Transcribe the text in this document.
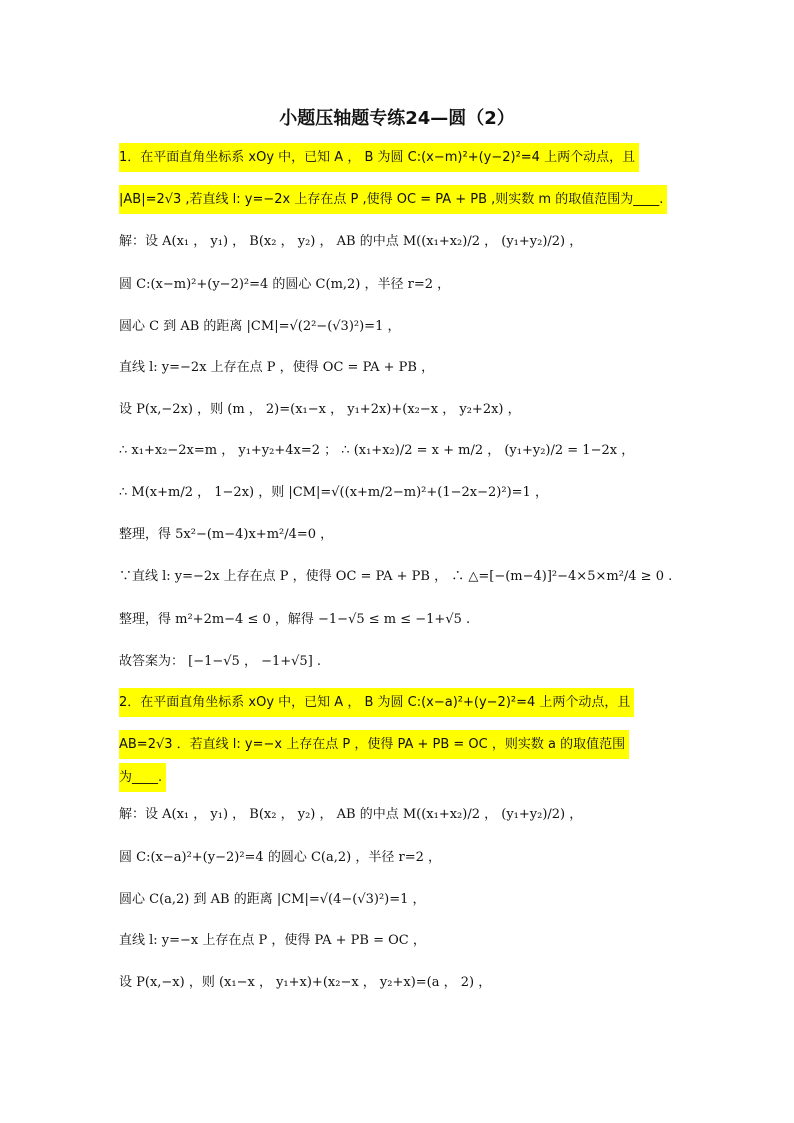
小题压轴题专练24—圆（2）
1．在平面直角坐标系 xOy 中，已知 A ， B 为圆 C:(x−m)²+(y−2)²=4 上两个动点，且
|AB|=2√3 ,若直线 l: y=−2x 上存在点 P ,使得 OC = PA + PB ,则实数 m 的取值范围为____.
解：设 A(x₁ ， y₁) ， B(x₂ ， y₂) ， AB 的中点 M((x₁+x₂)/2 ， (y₁+y₂)/2) ，
圆 C:(x−m)²+(y−2)²=4 的圆心 C(m,2) ，半径 r=2 ，
圆心 C 到 AB 的距离 |CM|=√(2²−(√3)²)=1 ，
直线 l: y=−2x 上存在点 P ，使得 OC = PA + PB ，
设 P(x,−2x) ，则 (m ， 2)=(x₁−x ， y₁+2x)+(x₂−x ， y₂+2x) ，
∴ x₁+x₂−2x=m ， y₁+y₂+4x=2 ； ∴ (x₁+x₂)/2 = x + m/2 ， (y₁+y₂)/2 = 1−2x ，
∴ M(x+m/2 ， 1−2x) ，则 |CM|=√((x+m/2−m)²+(1−2x−2)²)=1 ，
整理，得 5x²−(m−4)x+m²/4=0 ，
∵直线 l: y=−2x 上存在点 P ，使得 OC = PA + PB ， ∴ △=[−(m−4)]²−4×5×m²/4 ≥ 0 .
整理，得 m²+2m−4 ≤ 0 ，解得 −1−√5 ≤ m ≤ −1+√5 .
故答案为： [−1−√5 ， −1+√5] .
2．在平面直角坐标系 xOy 中，已知 A ， B 为圆 C:(x−a)²+(y−2)²=4 上两个动点，且
AB=2√3 ．若直线 l: y=−x 上存在点 P ，使得 PA + PB = OC ，则实数 a 的取值范围
为____.
解：设 A(x₁ ， y₁) ， B(x₂ ， y₂) ， AB 的中点 M((x₁+x₂)/2 ， (y₁+y₂)/2) ，
圆 C:(x−a)²+(y−2)²=4 的圆心 C(a,2) ，半径 r=2 ，
圆心 C(a,2) 到 AB 的距离 |CM|=√(4−(√3)²)=1 ，
直线 l: y=−x 上存在点 P ，使得 PA + PB = OC ，
设 P(x,−x) ，则 (x₁−x ， y₁+x)+(x₂−x ， y₂+x)=(a ， 2) ，
